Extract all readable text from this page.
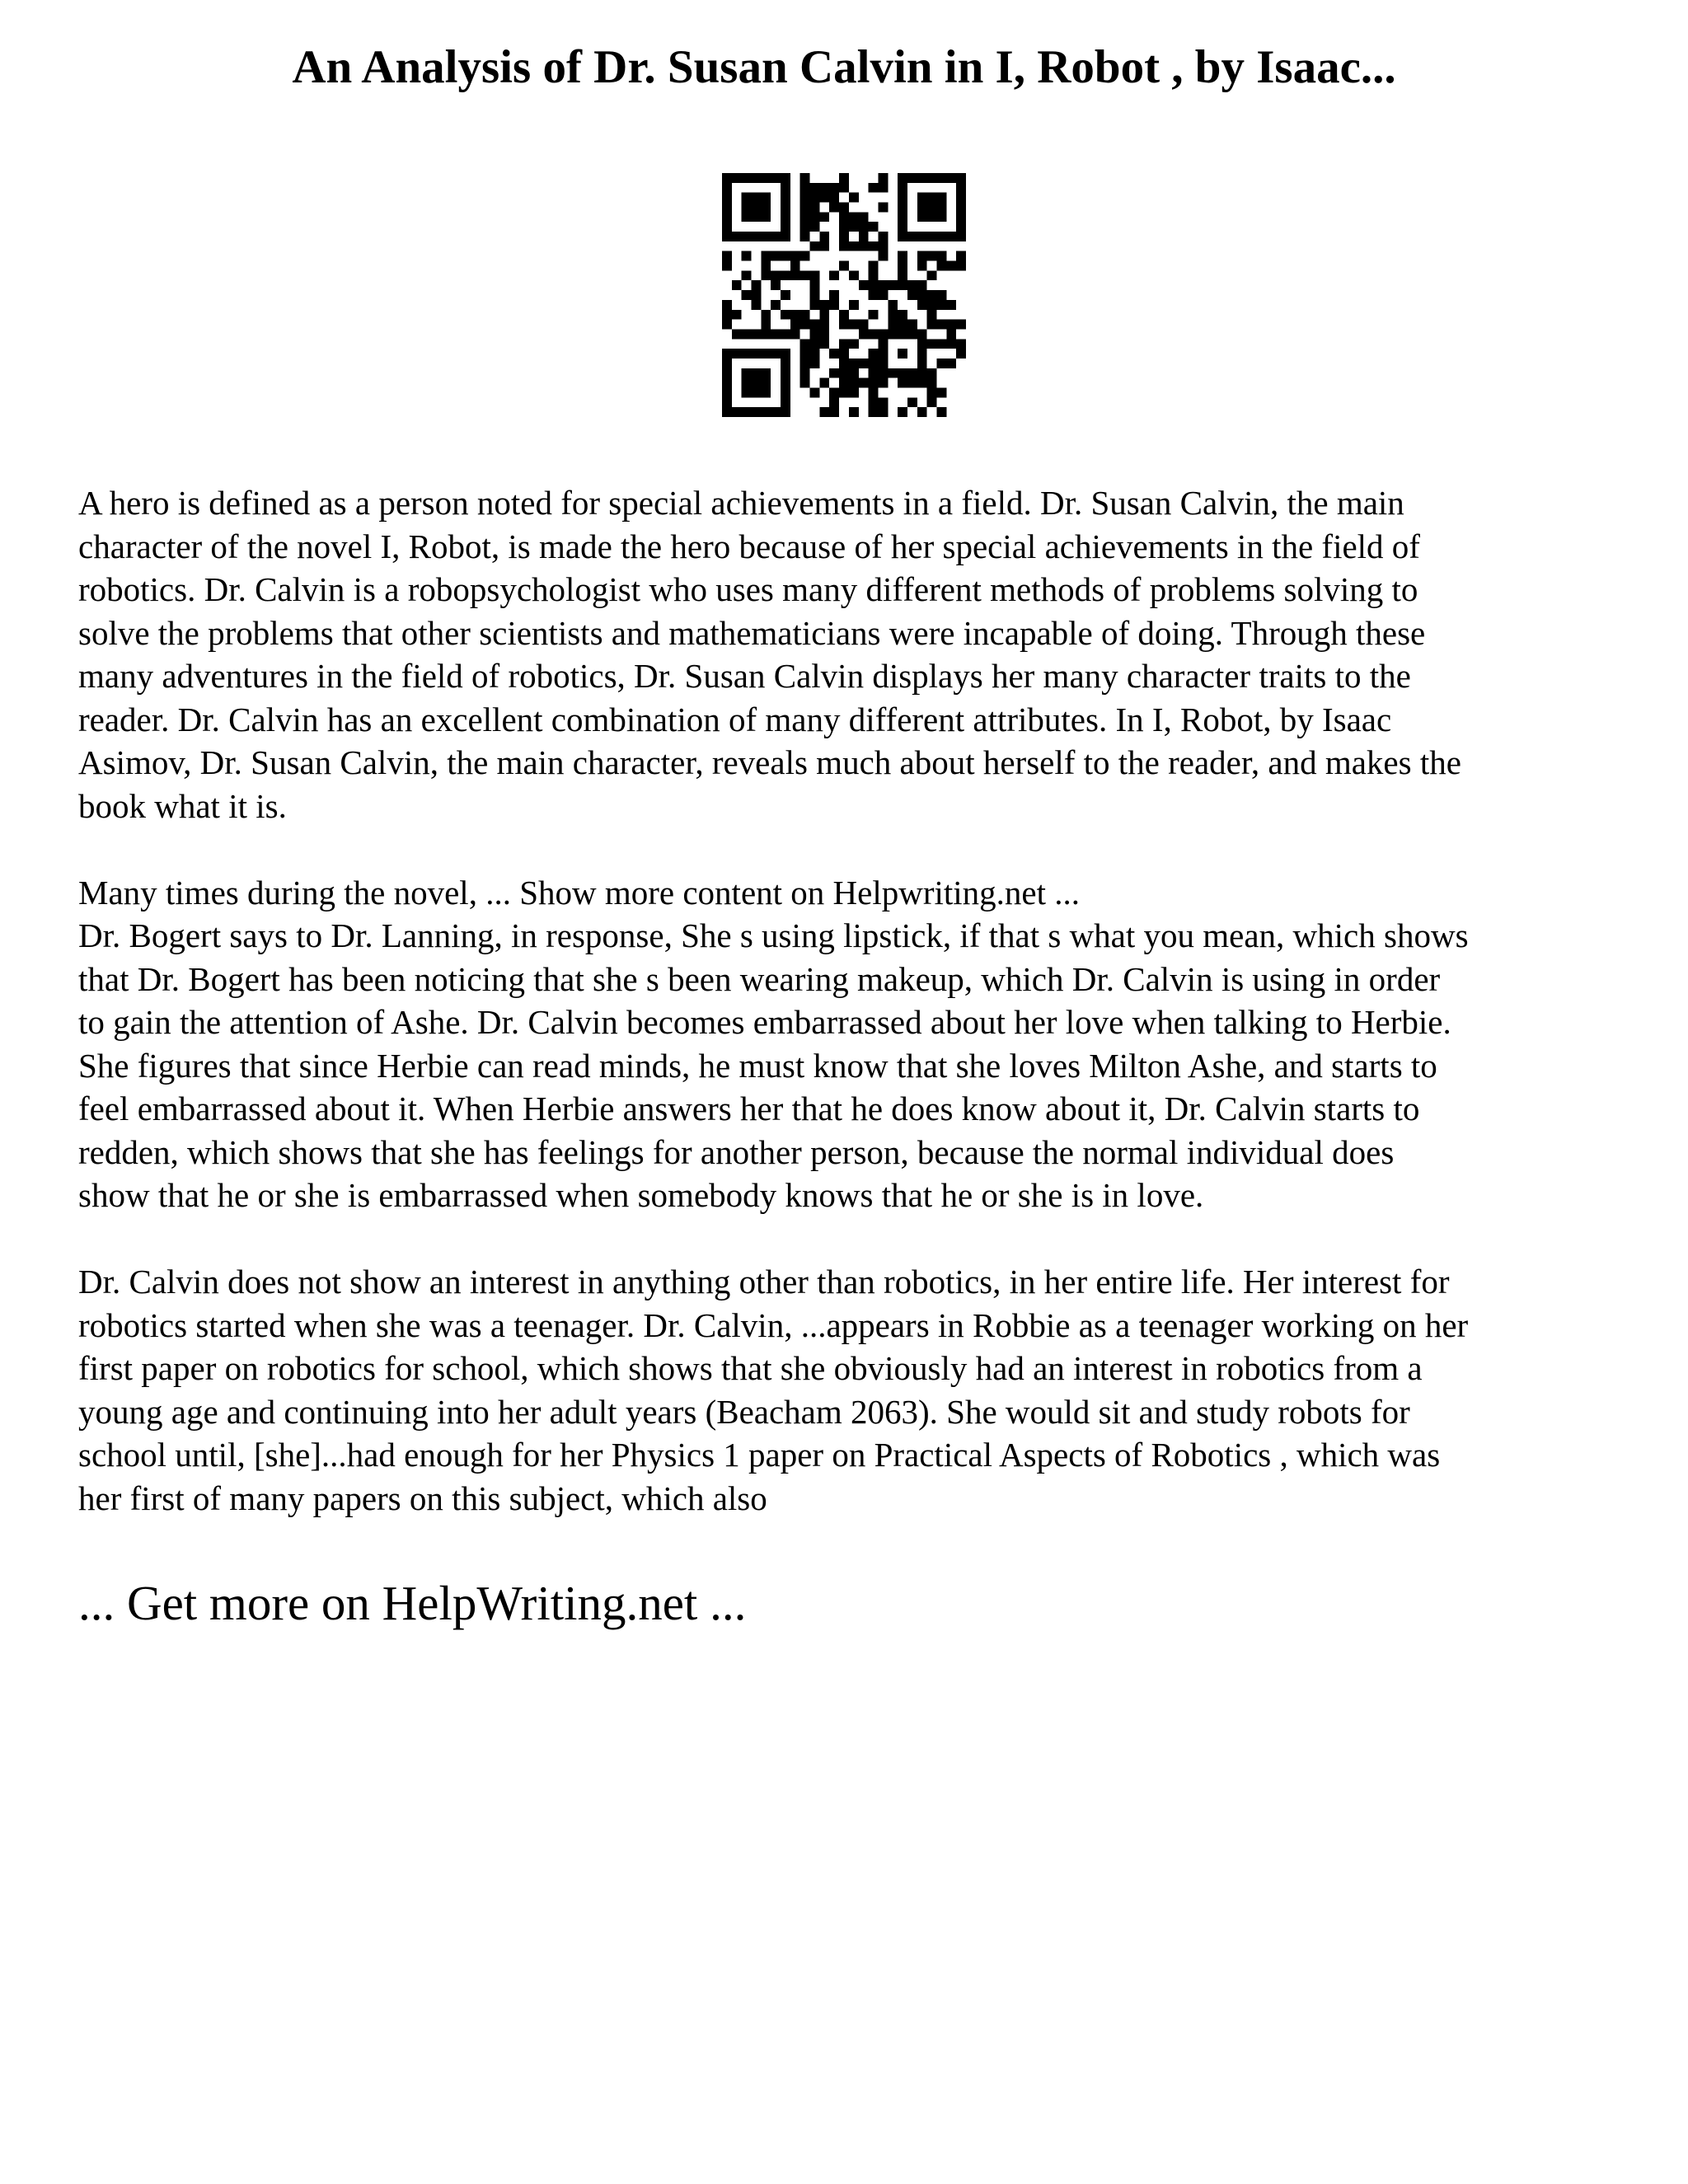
An Analysis of Dr. Susan Calvin in I, Robot , by Isaac...

A hero is defined as a person noted for special achievements in a field. Dr. Susan Calvin, the main
character of the novel I, Robot, is made the hero because of her special achievements in the field of
robotics. Dr. Calvin is a robopsychologist who uses many different methods of problems solving to
solve the problems that other scientists and mathematicians were incapable of doing. Through these
many adventures in the field of robotics, Dr. Susan Calvin displays her many character traits to the
reader. Dr. Calvin has an excellent combination of many different attributes. In I, Robot, by Isaac
Asimov, Dr. Susan Calvin, the main character, reveals much about herself to the reader, and makes the
book what it is.

Many times during the novel, ... Show more content on Helpwriting.net ...
Dr. Bogert says to Dr. Lanning, in response, She s using lipstick, if that s what you mean, which shows
that Dr. Bogert has been noticing that she s been wearing makeup, which Dr. Calvin is using in order
to gain the attention of Ashe. Dr. Calvin becomes embarrassed about her love when talking to Herbie.
She figures that since Herbie can read minds, he must know that she loves Milton Ashe, and starts to
feel embarrassed about it. When Herbie answers her that he does know about it, Dr. Calvin starts to
redden, which shows that she has feelings for another person, because the normal individual does
show that he or she is embarrassed when somebody knows that he or she is in love.

Dr. Calvin does not show an interest in anything other than robotics, in her entire life. Her interest for
robotics started when she was a teenager. Dr. Calvin, ...appears in Robbie as a teenager working on her
first paper on robotics for school, which shows that she obviously had an interest in robotics from a
young age and continuing into her adult years (Beacham 2063). She would sit and study robots for
school until, [she]...had enough for her Physics 1 paper on Practical Aspects of Robotics , which was
her first of many papers on this subject, which also

... Get more on HelpWriting.net ...
